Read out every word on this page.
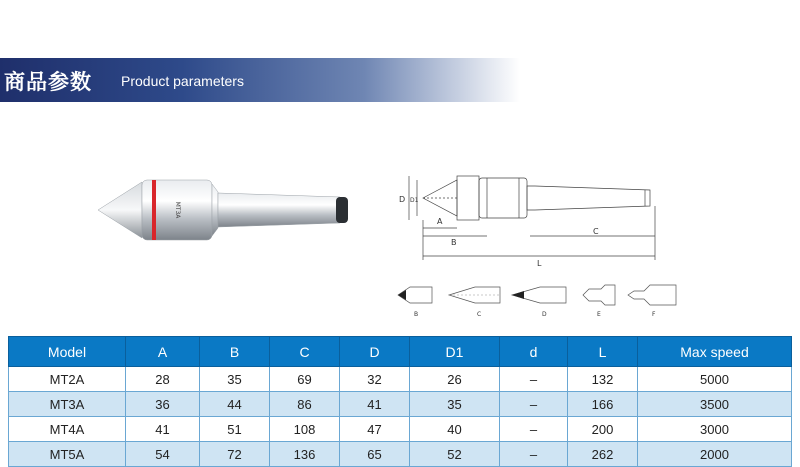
商品参数 Product parameters
MT3A
D D1
A
B
C
L
B	C	D	E	F
Model	A	B	C	D	D1	d	L	Max speed
MT2A	28	35	69	32	26	–	132	5000
MT3A	36	44	86	41	35	–	166	3500
MT4A	41	51	108	47	40	–	200	3000
MT5A	54	72	136	65	52	–	262	2000
